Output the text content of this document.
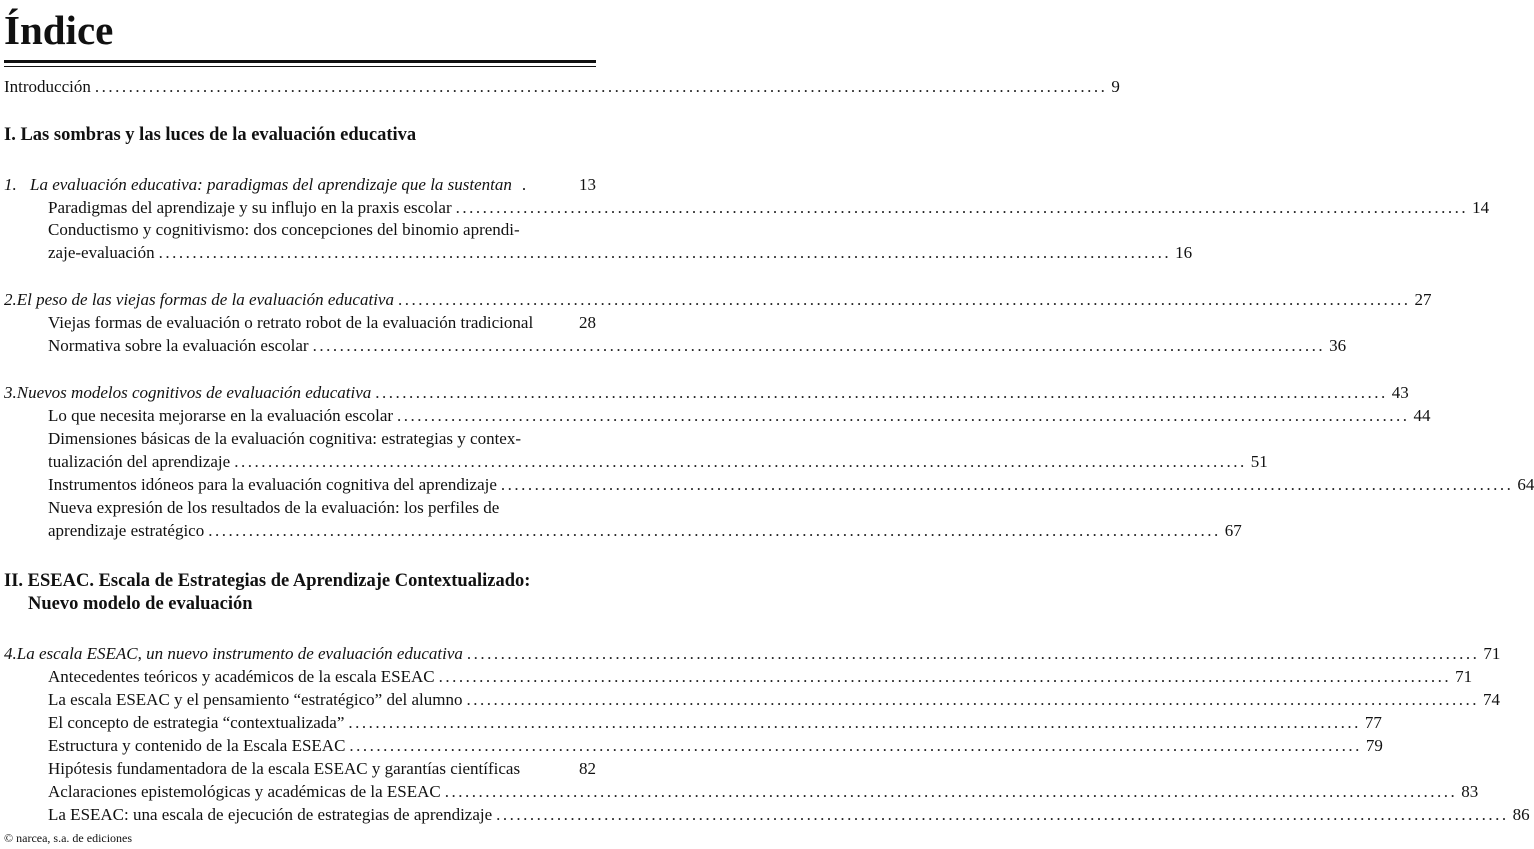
Índice
Introducción ...................................................................................................................................................... 9
I. Las sombras y las luces de la evaluación educativa
1. La evaluación educativa: paradigmas del aprendizaje que la sustentan .	13
Paradigmas del aprendizaje y su influjo en la praxis escolar ...................................................................................................................................................... 14
Conductismo y cognitivismo: dos concepciones del binomio aprendi-
zaje-evaluación ...................................................................................................................................................... 16
2. El peso de las viejas formas de la evaluación educativa ...................................................................................................................................................... 27
Viejas formas de evaluación o retrato robot de la evaluación tradicional	28
Normativa sobre la evaluación escolar ...................................................................................................................................................... 36
3. Nuevos modelos cognitivos de evaluación educativa ...................................................................................................................................................... 43
Lo que necesita mejorarse en la evaluación escolar ...................................................................................................................................................... 44
Dimensiones básicas de la evaluación cognitiva: estrategias y contex-
tualización del aprendizaje ...................................................................................................................................................... 51
Instrumentos idóneos para la evaluación cognitiva del aprendizaje ...................................................................................................................................................... 64
Nueva expresión de los resultados de la evaluación: los perfiles de
aprendizaje estratégico ...................................................................................................................................................... 67
II. ESEAC. Escala de Estrategias de Aprendizaje Contextualizado:
Nuevo modelo de evaluación
4. La escala ESEAC, un nuevo instrumento de evaluación educativa ...................................................................................................................................................... 71
Antecedentes teóricos y académicos de la escala ESEAC ...................................................................................................................................................... 71
La escala ESEAC y el pensamiento “estratégico” del alumno ...................................................................................................................................................... 74
El concepto de estrategia “contextualizada” ...................................................................................................................................................... 77
Estructura y contenido de la Escala ESEAC ...................................................................................................................................................... 79
Hipótesis fundamentadora de la escala ESEAC y garantías científicas	82
Aclaraciones epistemológicas y académicas de la ESEAC ...................................................................................................................................................... 83
La ESEAC: una escala de ejecución de estrategias de aprendizaje ...................................................................................................................................................... 86
© narcea, s.a. de ediciones
